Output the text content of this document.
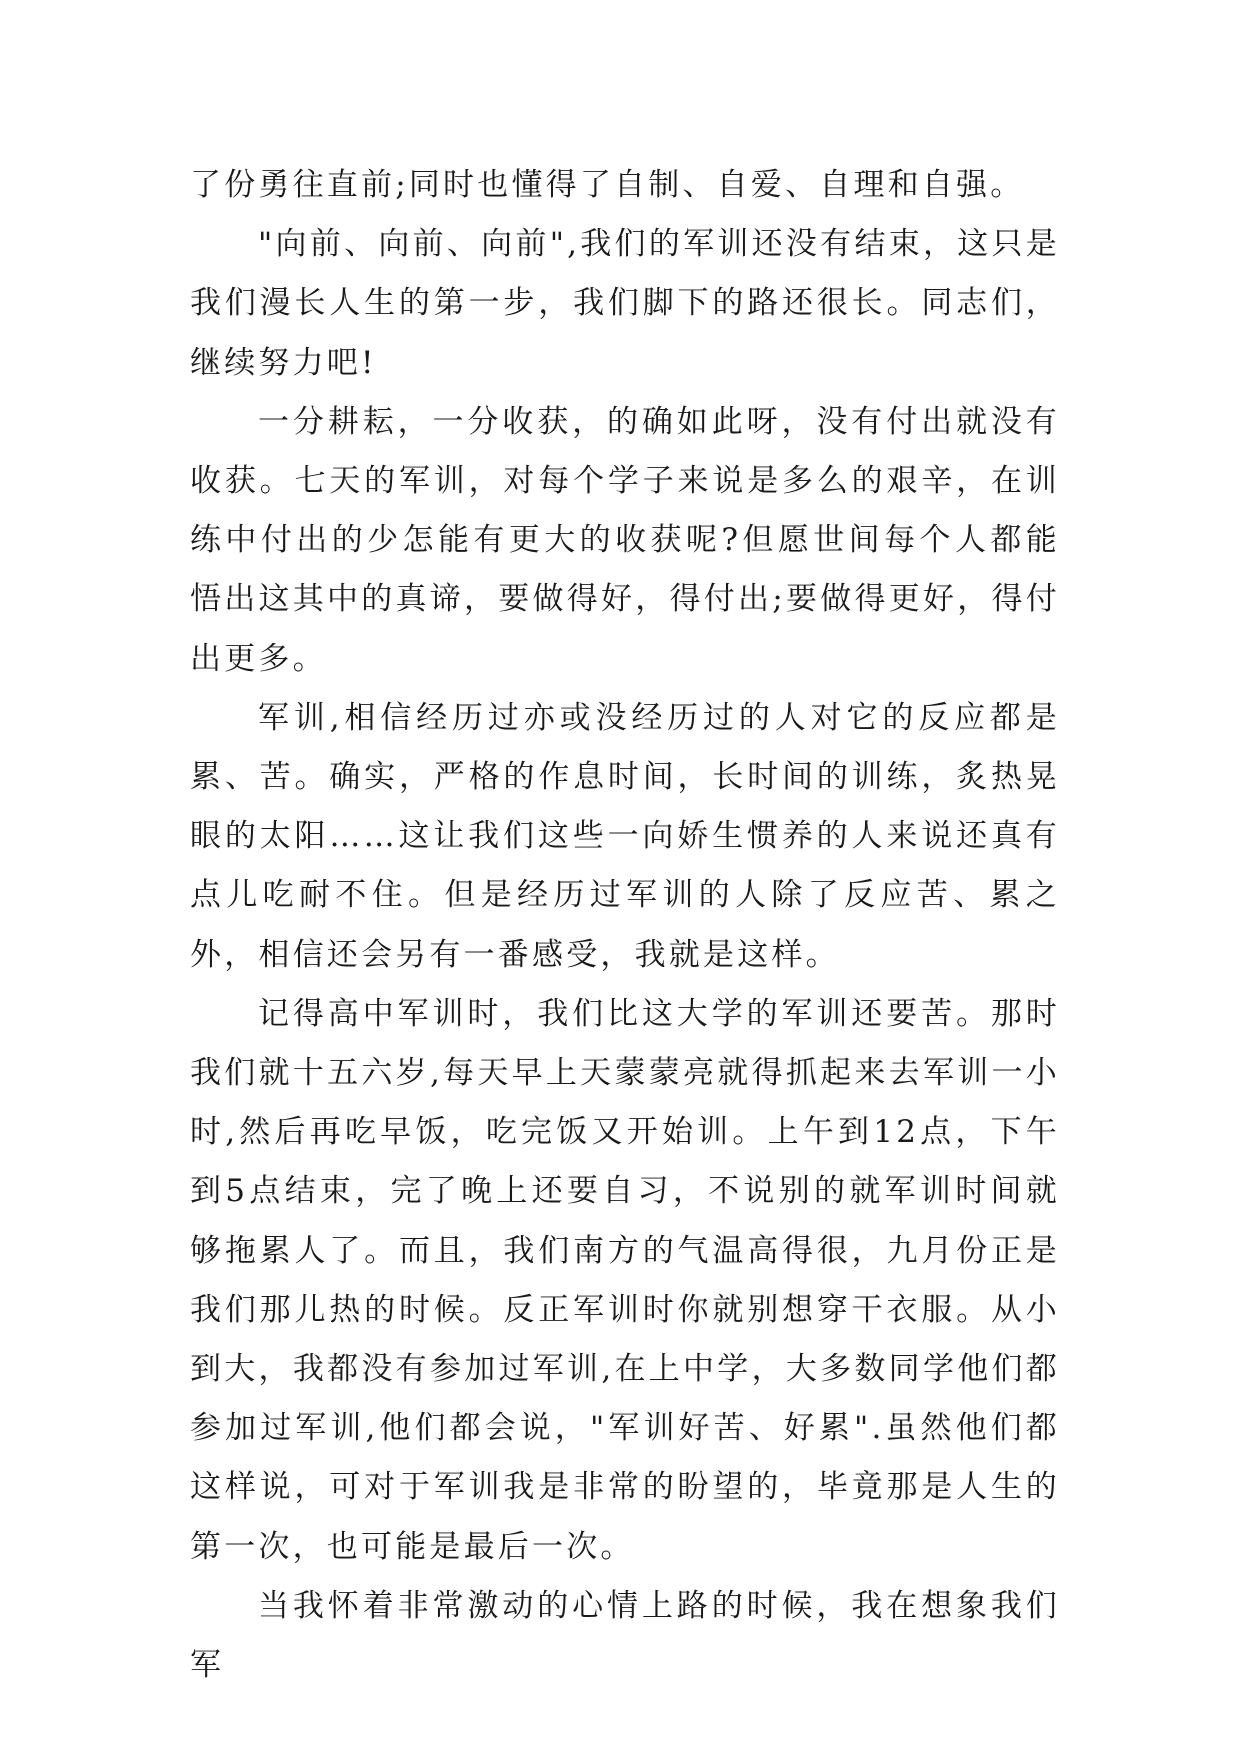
了份勇往直前;同时也懂得了自制、自爱、自理和自强。

"向前、向前、向前",我们的军训还没有结束，这只是我们漫长人生的第一步，我们脚下的路还很长。同志们，继续努力吧!

一分耕耘，一分收获，的确如此呀，没有付出就没有收获。七天的军训，对每个学子来说是多么的艰辛，在训练中付出的少怎能有更大的收获呢?但愿世间每个人都能悟出这其中的真谛，要做得好，得付出;要做得更好，得付出更多。

军训,相信经历过亦或没经历过的人对它的反应都是累、苦。确实，严格的作息时间，长时间的训练，炙热晃眼的太阳……这让我们这些一向娇生惯养的人来说还真有点儿吃耐不住。但是经历过军训的人除了反应苦、累之外，相信还会另有一番感受，我就是这样。

记得高中军训时，我们比这大学的军训还要苦。那时我们就十五六岁,每天早上天蒙蒙亮就得抓起来去军训一小时,然后再吃早饭，吃完饭又开始训。上午到12点，下午到5点结束，完了晚上还要自习，不说别的就军训时间就够拖累人了。而且，我们南方的气温高得很，九月份正是我们那儿热的时候。反正军训时你就别想穿干衣服。从小到大，我都没有参加过军训,在上中学，大多数同学他们都参加过军训,他们都会说，"军训好苦、好累".虽然他们都这样说，可对于军训我是非常的盼望的，毕竟那是人生的第一次，也可能是最后一次。

当我怀着非常激动的心情上路的时候，我在想象我们军
